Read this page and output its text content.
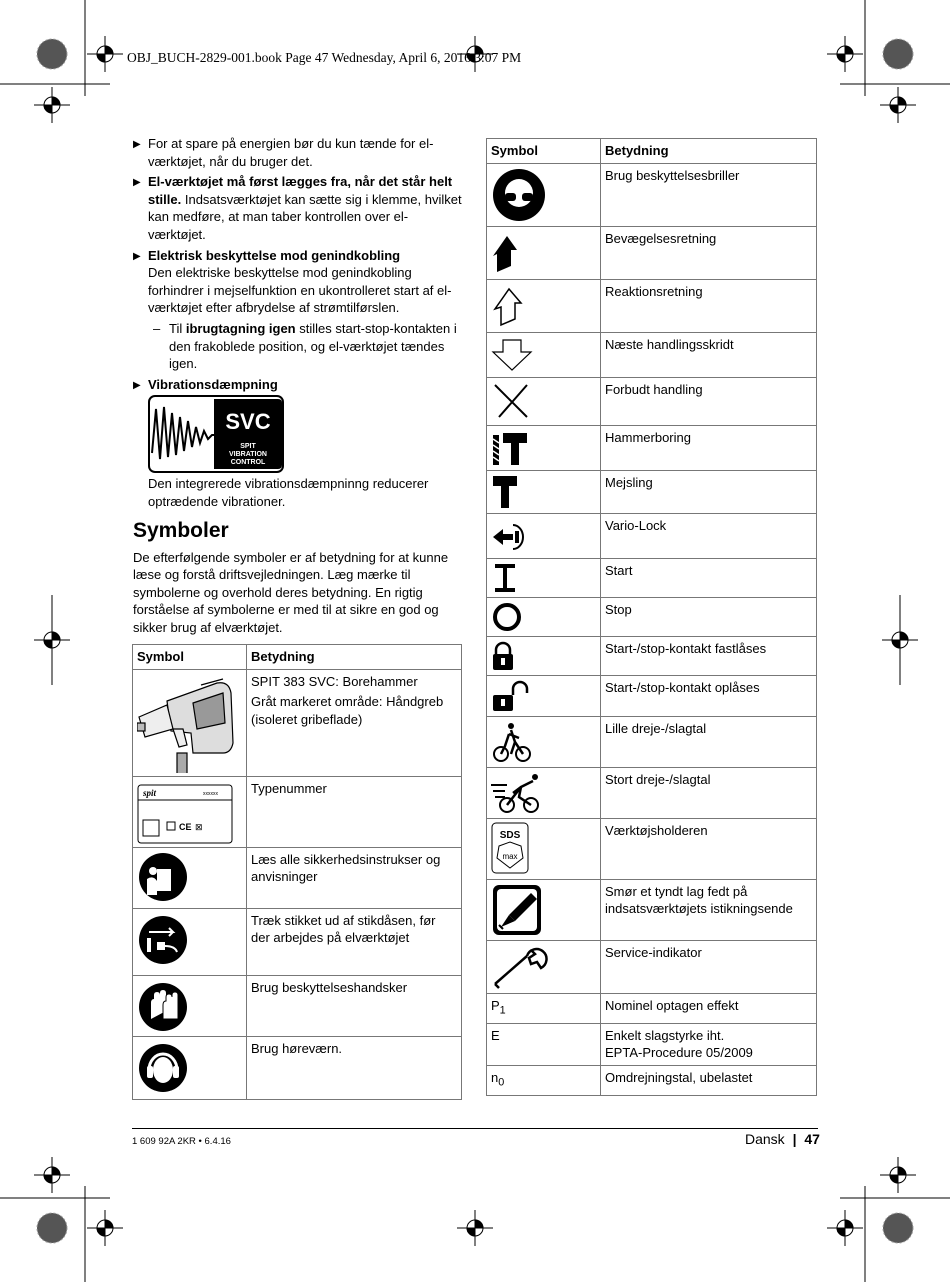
OBJ_BUCH-2829-001.book Page 47 Wednesday, April 6, 2016 3:07 PM
▶ For at spare på energien bør du kun tænde for el-værktøjet, når du bruger det.
▶ El-værktøjet må først lægges fra, når det står helt stille. Indsatsværktøjet kan sætte sig i klemme, hvilket kan medføre, at man taber kontrollen over el-værktøjet.
▶ Elektrisk beskyttelse mod genindkobling
Den elektriske beskyttelse mod genindkobling forhindrer i mejselfunktion en ukontrolleret start af el-værktøjet efter afbrydelse af strømtilførslen.
– Til ibrugtagning igen stilles start-stop-kontakten i den frakoblede position, og el-værktøjet tændes igen.
▶ Vibrationsdæmpning
SVC
SPIT
VIBRATION
CONTROL
Den integrerede vibrationsdæmpninng reducerer optrædende vibrationer.
Symboler
De efterfølgende symboler er af betydning for at kunne læse og forstå driftsvejledningen. Læg mærke til symbolerne og overhold deres betydning. En rigtig forståelse af symbolerne er med til at sikre en god og sikker brug af elværktøjet.
Symbol	Betydning

SPIT 383 SVC: Borehammer
Gråt markeret område: Håndgreb (isoleret gribeflade)

spit xxxxxx
CE ⊠	Typenummer

Læs alle sikkerhedsinstrukser og anvisninger

Træk stikket ud af stikdåsen, før der arbejdes på elværktøjet

Brug beskyttelseshandsker

Brug høreværn.
Symbol	Betydning

	Brug beskyttelsesbriller

	Bevægelsesretning

	Reaktionsretning

	Næste handlingsskridt

	Forbudt handling

	Hammerboring

	Mejsling

	Vario-Lock

	Start

	Stop

	Start-/stop-kontakt fastlåses

	Start-/stop-kontakt oplåses

	Lille dreje-/slagtal

	Stort dreje-/slagtal

SDS
max	Værktøjsholderen

	Smør et tyndt lag fedt på indsatsværktøjets istikningsende

	Service-indikator
$P_1$	Nominel optagen effekt
E	Enkelt slagstyrke iht.
EPTA-Procedure 05/2009

$n_0$	Omdrejningstal, ubelastet
1 609 92A 2KR • 6.4.16	Dansk | 47
